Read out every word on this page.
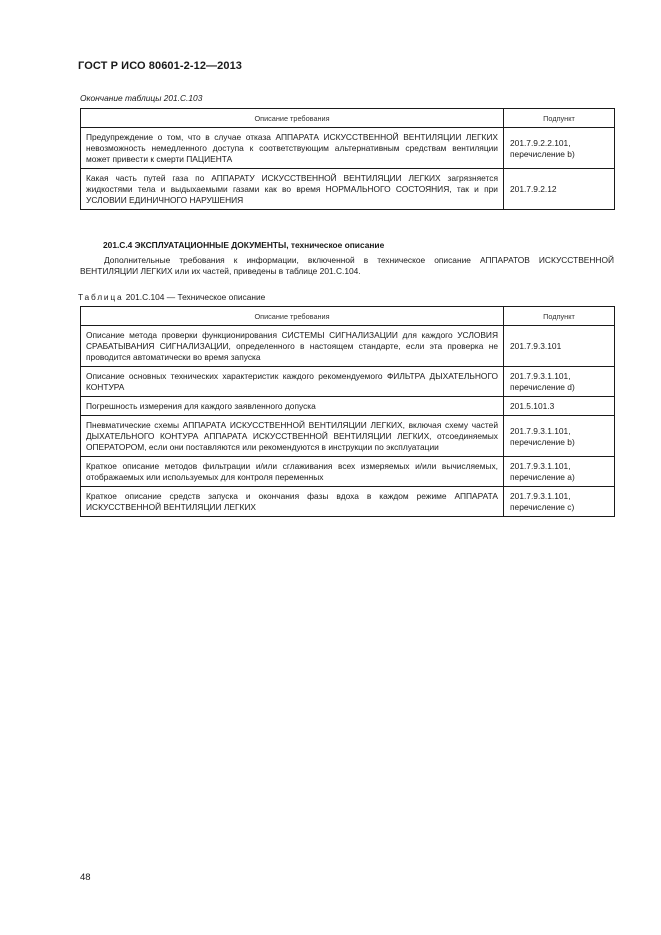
ГОСТ Р ИСО 80601-2-12—2013
Окончание таблицы 201.С.103
Описание требования	Подпункт
Предупреждение о том, что в случае отказа АППАРАТА ИСКУССТВЕННОЙ ВЕНТИЛЯЦИИ ЛЕГКИХ невозможность немедленного доступа к соответствующим альтернативным средствам вентиляции может привести к смерти ПАЦИЕНТА	201.7.9.2.2.101,
перечисление b)
Какая часть путей газа по АППАРАТУ ИСКУССТВЕННОЙ ВЕНТИЛЯЦИИ ЛЕГКИХ загрязняется жидкостями тела и выдыхаемыми газами как во время НОРМАЛЬНОГО СОСТОЯНИЯ, так и при УСЛОВИИ ЕДИНИЧНОГО НАРУШЕНИЯ	201.7.9.2.12
201.С.4 ЭКСПЛУАТАЦИОННЫЕ ДОКУМЕНТЫ, техническое описание
Дополнительные требования к информации, включенной в техническое описание АППАРАТОВ ИСКУССТВЕННОЙ ВЕНТИЛЯЦИИ ЛЕГКИХ или их частей, приведены в таблице 201.С.104.
Таблица 201.С.104 — Техническое описание
Описание требования	Подпункт
Описание метода проверки функционирования СИСТЕМЫ СИГНАЛИЗАЦИИ для каждого УСЛОВИЯ СРАБАТЫВАНИЯ СИГНАЛИЗАЦИИ, определенного в настоящем стандарте, если эта проверка не проводится автоматически во время запуска	201.7.9.3.101
Описание основных технических характеристик каждого рекомендуемого ФИЛЬТРА ДЫХАТЕЛЬНОГО КОНТУРА	201.7.9.3.1.101,
перечисление d)
Погрешность измерения для каждого заявленного допуска	201.5.101.3
Пневматические схемы АППАРАТА ИСКУССТВЕННОЙ ВЕНТИЛЯЦИИ ЛЕГКИХ, включая схему частей ДЫХАТЕЛЬНОГО КОНТУРА АППАРАТА ИСКУССТВЕННОЙ ВЕНТИЛЯЦИИ ЛЕГКИХ, отсоединяемых ОПЕРАТОРОМ, если они поставляются или рекомендуются в инструкции по эксплуатации	201.7.9.3.1.101,
перечисление b)
Краткое описание методов фильтрации и/или сглаживания всех измеряемых и/или вычисляемых, отображаемых или используемых для контроля переменных	201.7.9.3.1.101,
перечисление а)
Краткое описание средств запуска и окончания фазы вдоха в каждом режиме АППАРАТА ИСКУССТВЕННОЙ ВЕНТИЛЯЦИИ ЛЕГКИХ	201.7.9.3.1.101,
перечисление с)
48
